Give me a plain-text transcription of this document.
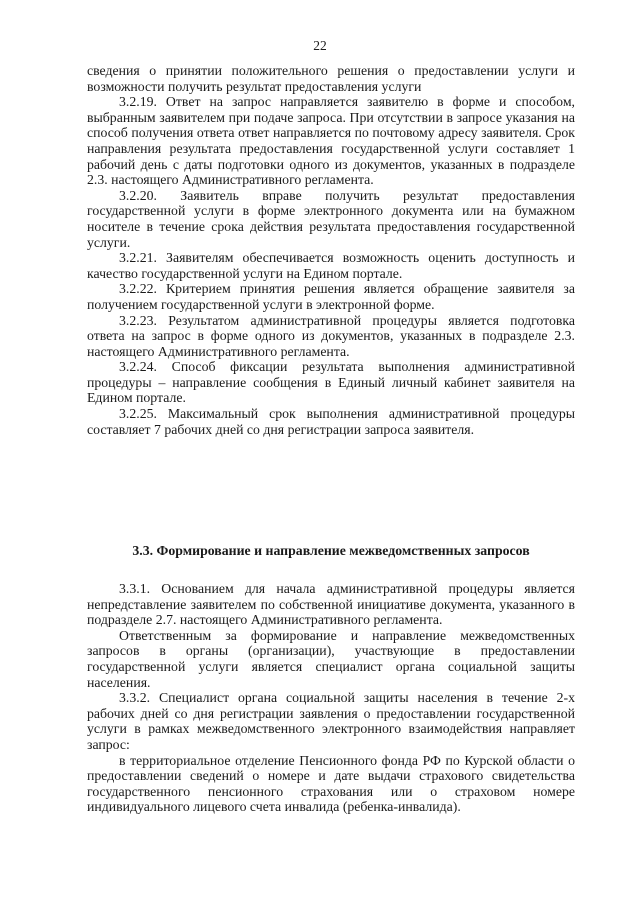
22

сведения о принятии положительного решения о предоставлении услуги и возможности получить результат предоставления услуги

3.2.19. Ответ на запрос направляется заявителю в форме и способом, выбранным заявителем при подаче запроса. При отсутствии в запросе указания на способ получения ответа ответ направляется по почтовому адресу заявителя. Срок направления результата предоставления государственной услуги составляет 1 рабочий день с даты подготовки одного из документов, указанных в подразделе 2.3. настоящего Административного регламента.

3.2.20. Заявитель вправе получить результат предоставления государственной услуги в форме электронного документа или на бумажном носителе в течение срока действия результата предоставления государственной услуги.

3.2.21. Заявителям обеспечивается возможность оценить доступность и качество государственной услуги на Едином портале.

3.2.22. Критерием принятия решения является обращение заявителя за получением государственной услуги в электронной форме.

3.2.23. Результатом административной процедуры является подготовка ответа на запрос в форме одного из документов, указанных в подразделе 2.3. настоящего Административного регламента.

3.2.24. Способ фиксации результата выполнения административной процедуры – направление сообщения в Единый личный кабинет заявителя на Едином портале.

3.2.25. Максимальный срок выполнения административной процедуры составляет 7 рабочих дней со дня регистрации запроса заявителя.

3.3. Формирование и направление межведомственных запросов

3.3.1. Основанием для начала административной процедуры является непредставление заявителем по собственной инициативе документа, указанного в подразделе 2.7. настоящего Административного регламента.

Ответственным за формирование и направление межведомственных запросов в органы (организации), участвующие в предоставлении государственной услуги является специалист органа социальной защиты населения.

3.3.2. Специалист органа социальной защиты населения в течение 2-х рабочих дней со дня регистрации заявления о предоставлении государственной услуги в рамках межведомственного электронного взаимодействия направляет запрос:

в территориальное отделение Пенсионного фонда РФ по Курской области о предоставлении сведений о номере и дате выдачи страхового свидетельства государственного пенсионного страхования или о страховом номере индивидуального лицевого счета инвалида (ребенка-инвалида).
